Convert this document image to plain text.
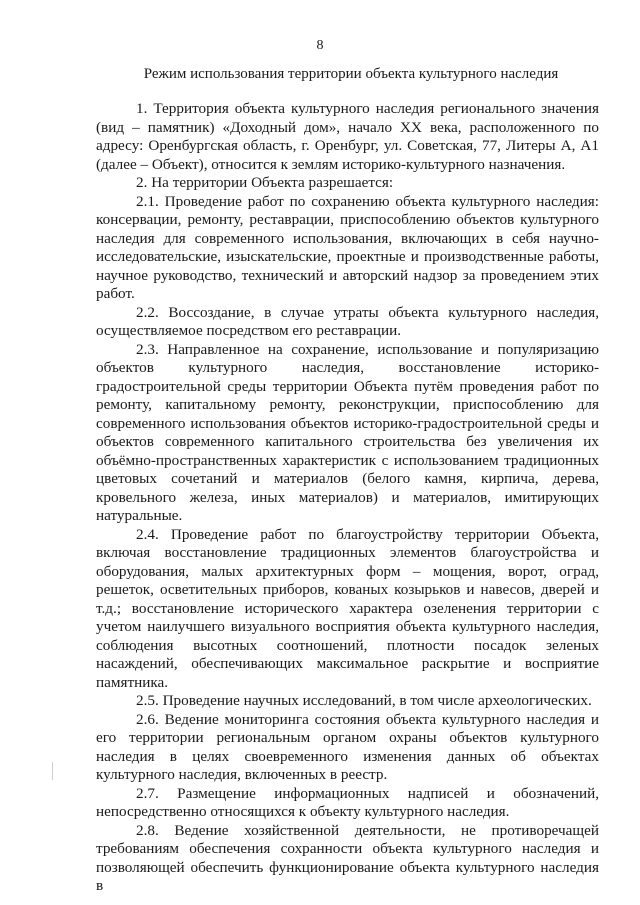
8
Режим использования территории объекта культурного наследия

1. Территория объекта культурного наследия регионального значения (вид – памятник) «Доходный дом», начало XX века, расположенного по адресу: Оренбургская область, г. Оренбург, ул. Советская, 77, Литеры А, А1 (далее – Объект), относится к землям историко-культурного назначения.

2. На территории Объекта разрешается:

2.1. Проведение работ по сохранению объекта культурного наследия: консервации, ремонту, реставрации, приспособлению объектов культурного наследия для современного использования, включающих в себя научно-исследовательские, изыскательские, проектные и производственные работы, научное руководство, технический и авторский надзор за проведением этих работ.

2.2. Воссоздание, в случае утраты объекта культурного наследия, осуществляемое посредством его реставрации.

2.3. Направленное на сохранение, использование и популяризацию объектов культурного наследия, восстановление историко-градостроительной среды территории Объекта путём проведения работ по ремонту, капитальному ремонту, реконструкции, приспособлению для современного использования объектов историко-градостроительной среды и объектов современного капитального строительства без увеличения их объёмно-пространственных характеристик с использованием традиционных цветовых сочетаний и материалов (белого камня, кирпича, дерева, кровельного железа, иных материалов) и материалов, имитирующих натуральные.

2.4. Проведение работ по благоустройству территории Объекта, включая восстановление традиционных элементов благоустройства и оборудования, малых архитектурных форм – мощения, ворот, оград, решеток, осветительных приборов, кованых козырьков и навесов, дверей и т.д.; восстановление исторического характера озеленения территории с учетом наилучшего визуального восприятия объекта культурного наследия, соблюдения высотных соотношений, плотности посадок зеленых насаждений, обеспечивающих максимальное раскрытие и восприятие памятника.

2.5. Проведение научных исследований, в том числе археологических.

2.6. Ведение мониторинга состояния объекта культурного наследия и его территории региональным органом охраны объектов культурного наследия в целях своевременного изменения данных об объектах культурного наследия, включенных в реестр.

2.7. Размещение информационных надписей и обозначений, непосредственно относящихся к объекту культурного наследия.

2.8. Ведение хозяйственной деятельности, не противоречащей требованиям обеспечения сохранности объекта культурного наследия и позволяющей обеспечить функционирование объекта культурного наследия в
